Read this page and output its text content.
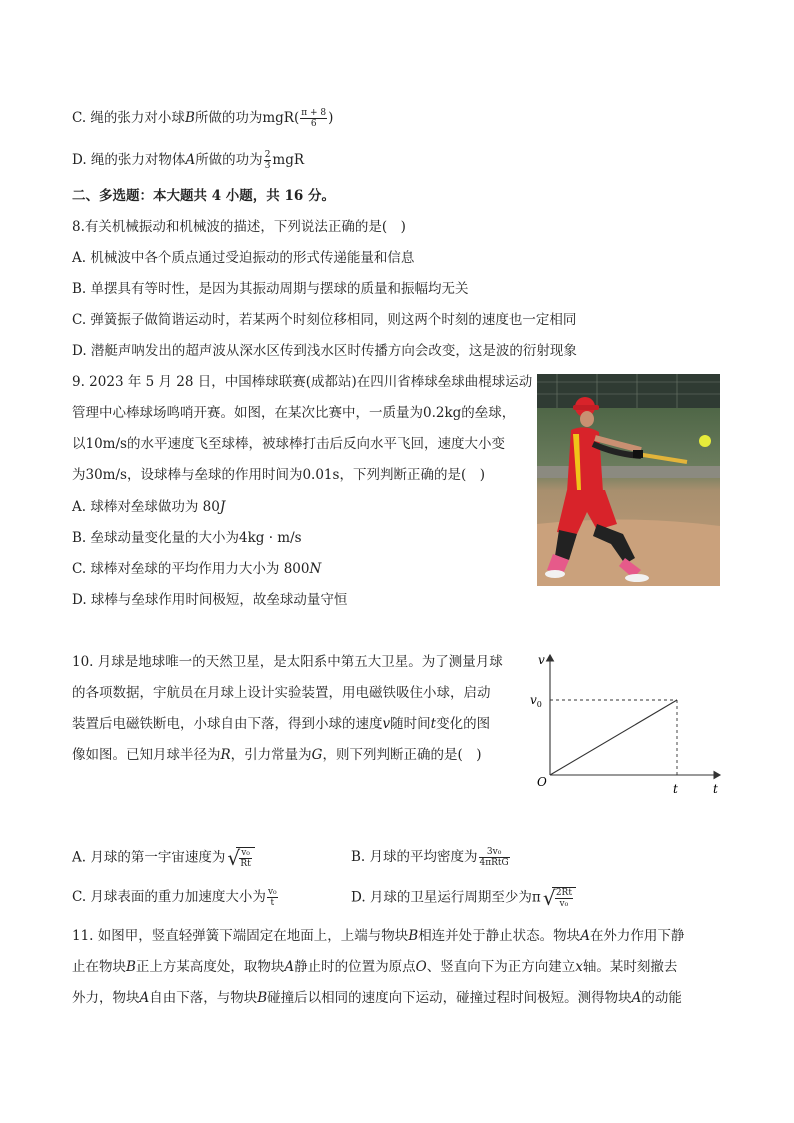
C. 绳的张力对小球B所做的功为$mgR( \frac{\pi + 8}{6}$ )
D. 绳的张力对物体A所做的功为 $\frac{2}{3}$ mgR
二、多选题：本大题共 4 小题，共 16 分。
8.有关机械振动和机械波的描述，下列说法正确的是(　)
A. 机械波中各个质点通过受迫振动的形式传递能量和信息
B. 单摆具有等时性，是因为其振动周期与摆球的质量和振幅均无关
C. 弹簧振子做简谐运动时，若某两个时刻位移相同，则这两个时刻的速度也一定相同
D. 潜艇声呐发出的超声波从深水区传到浅水区时传播方向会改变，这是波的衍射现象
9. 2023 年 5 月 28 日，中国棒球联赛(成都站)在四川省棒球垒球曲棍球运动
管理中心棒球场鸣哨开赛。如图，在某次比赛中，一质量为0.2kg的垒球，
以10m/s的水平速度飞至球棒，被球棒打击后反向水平飞回，速度大小变
为30m/s，设球棒与垒球的作用时间为0.01s，下列判断正确的是(　)
A. 球棒对垒球做功为 80J
B. 垒球动量变化量的大小为4kg · m/s
C. 球棒对垒球的平均作用力大小为 800N
D. 球棒与垒球作用时间极短，故垒球动量守恒
10. 月球是地球唯一的天然卫星，是太阳系中第五大卫星。为了测量月球
的各项数据，宇航员在月球上设计实验装置，用电磁铁吸住小球，启动
装置后电磁铁断电，小球自由下落，得到小球的速度v随时间t变化的图
像如图。已知月球半径为R，引力常量为G，则下列判断正确的是(　)
v
$v_0$
O	t	t
A. 月球的第一宇宙速度为 √ $\frac{\text{v₀}}{Rt}$	B. 月球的平均密度为 $\frac{\text{3v₀}}{\text{4πRtG}}$
C. 月球表面的重力加速度大小为 $\frac{\text{v₀}}{t}$	D. 月球的卫星运行周期至少为π √ $\frac{2Rt}{\text{v₀}}$
11. 如图甲，竖直轻弹簧下端固定在地面上，上端与物块B相连并处于静止状态。物块A在外力作用下静
止在物块B正上方某高度处，取物块A静止时的位置为原点O、竖直向下为正方向建立x轴。某时刻撤去
外力，物块A自由下落，与物块B碰撞后以相同的速度向下运动，碰撞过程时间极短。测得物块A的动能
